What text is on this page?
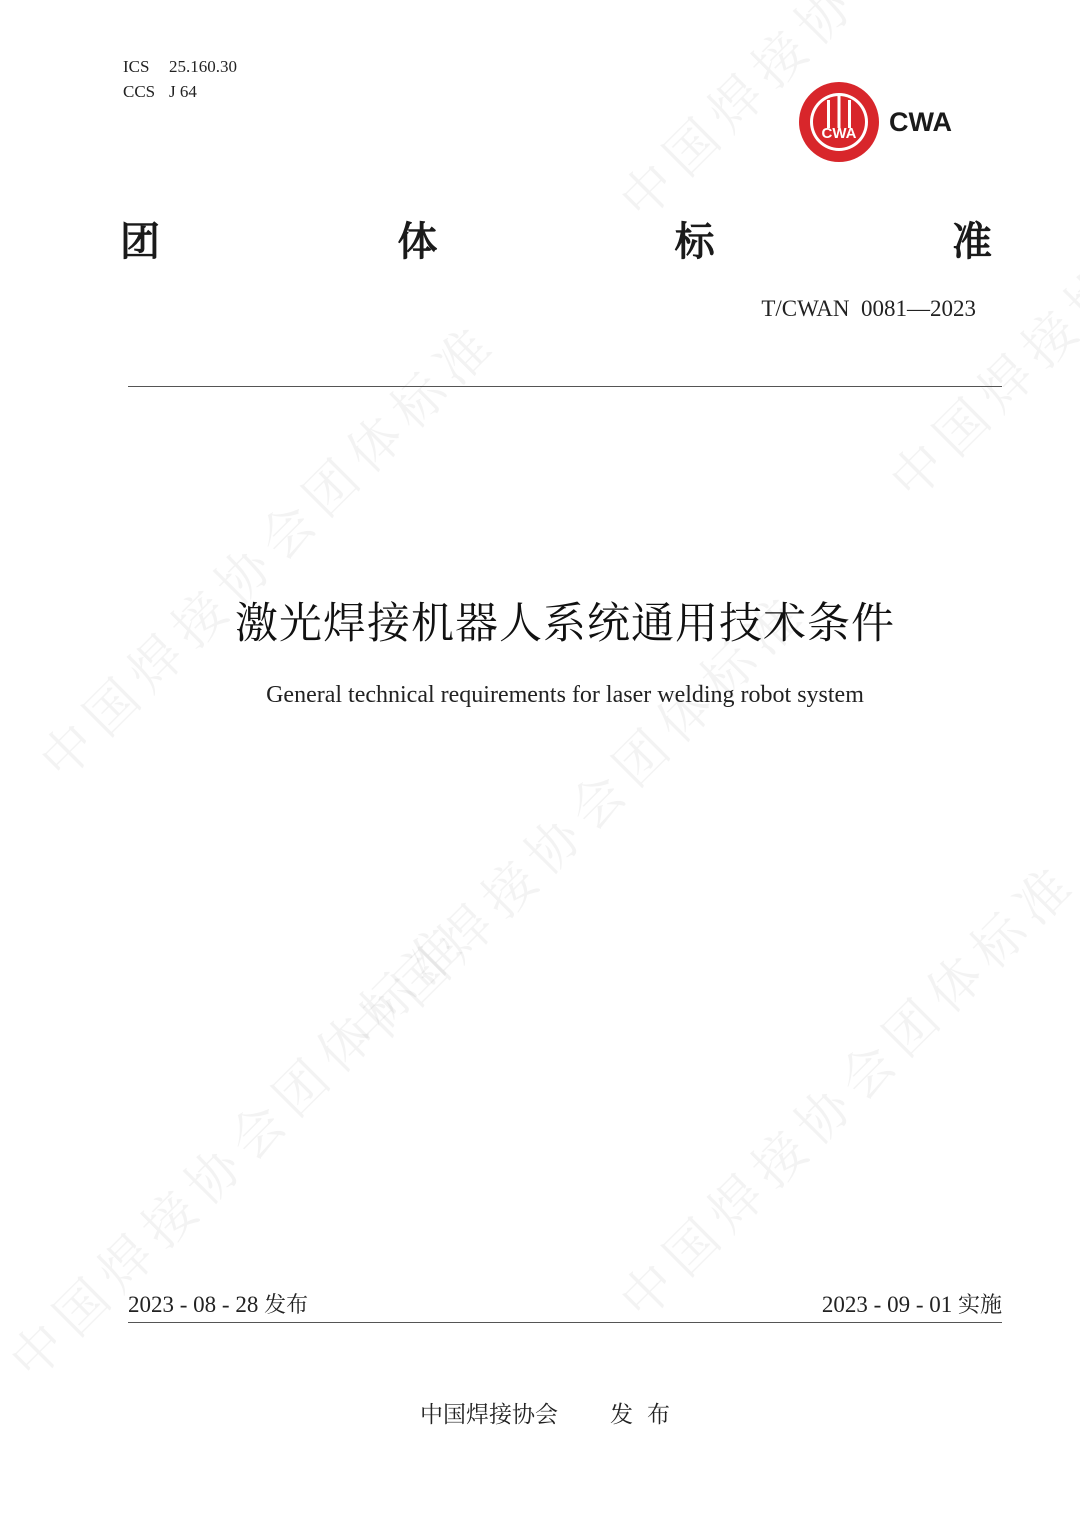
ICS 25.160.30
CCS J 64
CWA CWA
团	体	标	准
T/CWAN  0081—2023
激光焊接机器人系统通用技术条件
General technical requirements for laser welding robot system
2023 - 08 - 28 发布	2023 - 09 - 01 实施
中国焊接协会 发布
